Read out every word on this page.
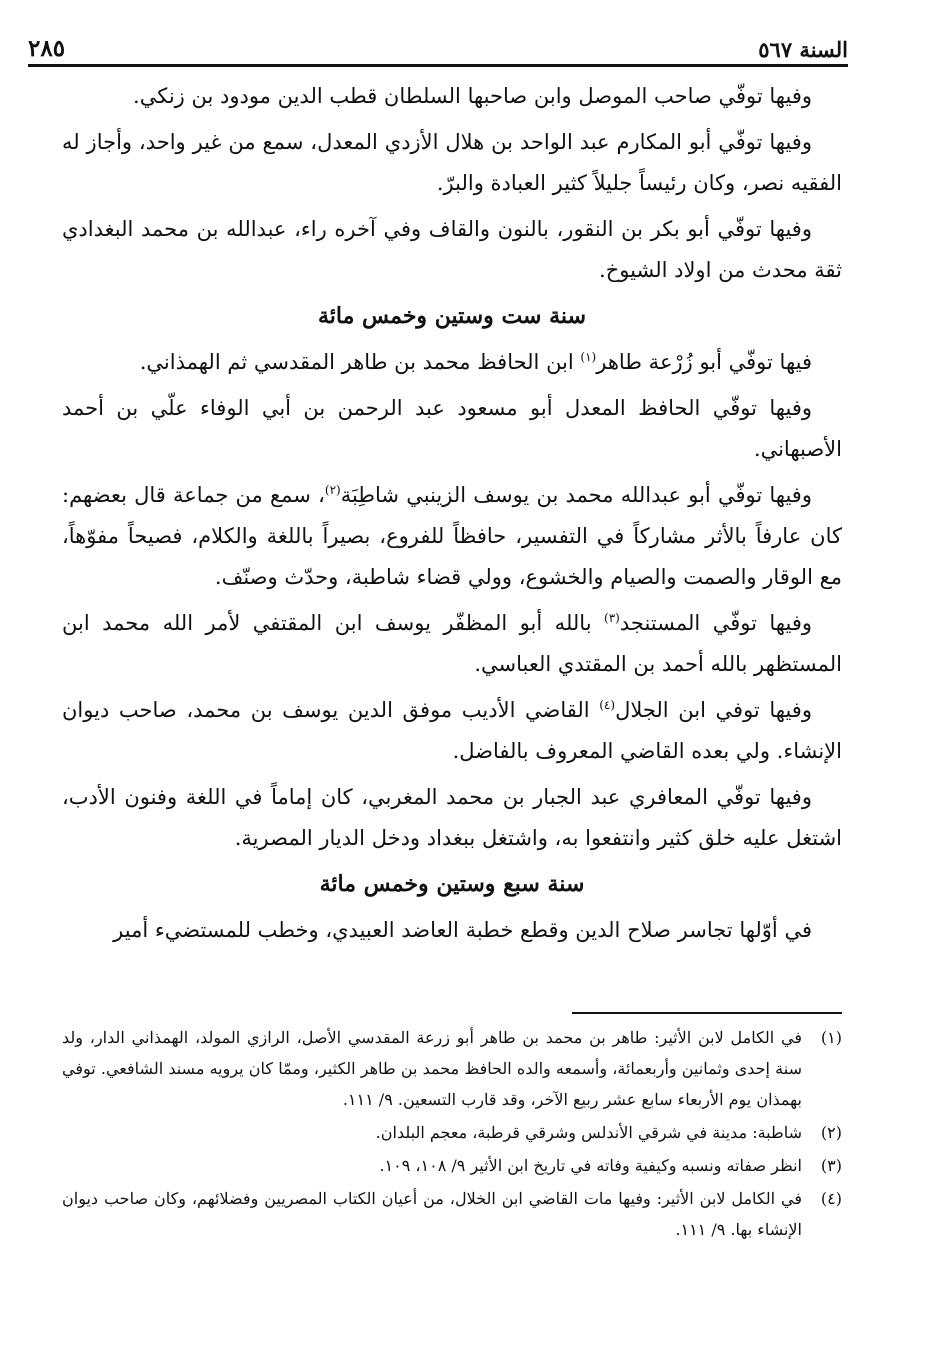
السنة ٥٦٧
٢٨٥

وفيها توفّي صاحب الموصل وابن صاحبها السلطان قطب الدين مودود بن زنكي.

وفيها توفّي أبو المكارم عبد الواحد بن هلال الأزدي المعدل، سمع من غير واحد، وأجاز له الفقيه نصر، وكان رئيساً جليلاً كثير العبادة والبرّ.

وفيها توفّي أبو بكر بن النقور، بالنون والقاف وفي آخره راء، عبدالله بن محمد البغدادي ثقة محدث من اولاد الشيوخ.

سنة ست وستين وخمس مائة

فيها توفّي أبو زُرْعة طاهر$^{(١)}$ ابن الحافظ محمد بن طاهر المقدسي ثم الهمذاني.

وفيها توفّي الحافظ المعدل أبو مسعود عبد الرحمن بن أبي الوفاء علّي بن أحمد الأصبهاني.

وفيها توفّي أبو عبدالله محمد بن يوسف الزينبي شاطِبَة$^{(٢)}$، سمع من جماعة قال بعضهم: كان عارفاً بالأثر مشاركاً في التفسير، حافظاً للفروع، بصيراً باللغة والكلام، فصيحاً مفوّهاً، مع الوقار والصمت والصيام والخشوع، وولي قضاء شاطبة، وحدّث وصنّف.

وفيها توفّي المستنجد$^{(٣)}$ بالله أبو المظفّر يوسف ابن المقتفي لأمر الله محمد ابن المستظهر بالله أحمد بن المقتدي العباسي.

وفيها توفي ابن الجلال$^{(٤)}$ القاضي الأديب موفق الدين يوسف بن محمد، صاحب ديوان الإنشاء. ولي بعده القاضي المعروف بالفاضل.

وفيها توفّي المعافري عبد الجبار بن محمد المغربي، كان إماماً في اللغة وفنون الأدب، اشتغل عليه خلق كثير وانتفعوا به، واشتغل ببغداد ودخل الديار المصرية.

سنة سبع وستين وخمس مائة

في أوّلها تجاسر صلاح الدين وقطع خطبة العاضد العبيدي، وخطب للمستضيء أمير

(١)
في الكامل لابن الأثير: طاهر بن محمد بن طاهر أبو زرعة المقدسي الأصل، الرازي المولد، الهمذاني الدار، ولد سنة إحدى وثمانين وأربعمائة، وأسمعه والده الحافظ محمد بن طاهر الكثير، وممّا كان يرويه مسند الشافعي. توفي بهمذان يوم الأربعاء سابع عشر ربيع الآخر، وقد قارب التسعين. ٩/ ١١١.
(٢)
شاطبة: مدينة في شرقي الأندلس وشرقي قرطبة، معجم البلدان.
(٣)
انظر صفاته ونسبه وكيفية وفاته في تاريخ ابن الأثير ٩/ ١٠٨، ١٠٩.
(٤)
في الكامل لابن الأثير: وفيها مات القاضي ابن الخلال، من أعيان الكتاب المصريين وفضلائهم، وكان صاحب ديوان الإنشاء بها. ٩/ ١١١.
